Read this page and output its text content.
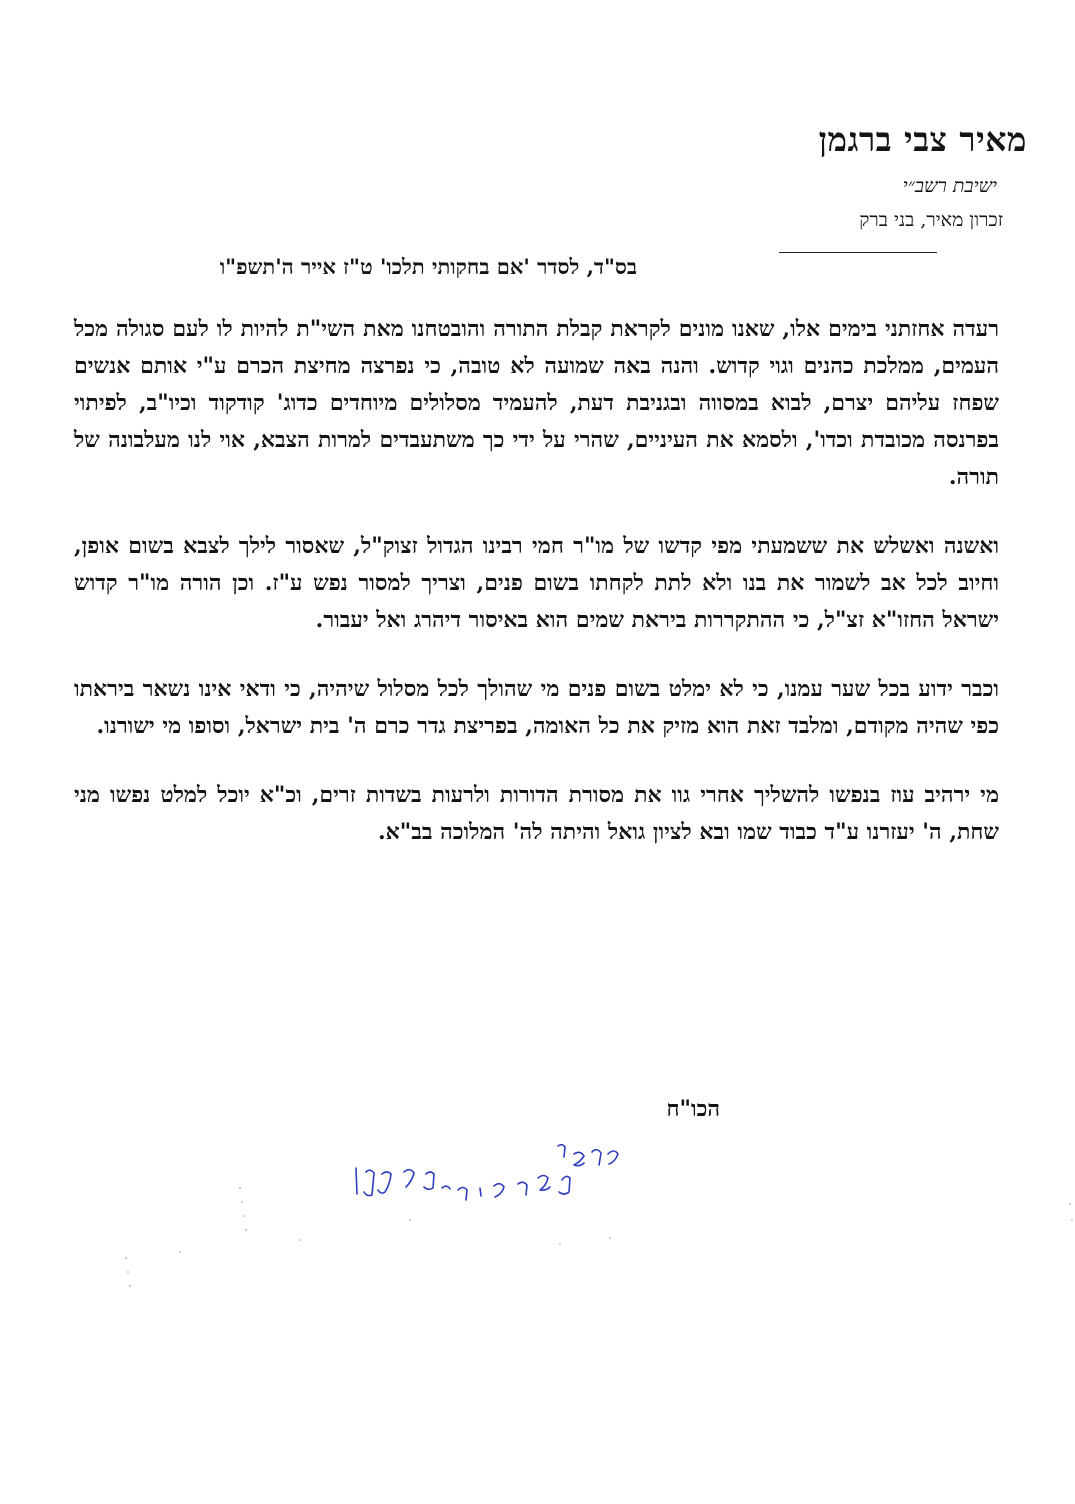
מאיר צבי ברגמן
ישיבת רשב״י
זכרון מאיר, בני ברק
בס"ד, לסדר 'אם בחקותי תלכו' ט"ז אייר ה'תשפ"ו

רעדה אחזתני בימים אלו, שאנו מונים לקראת קבלת התורה והובטחנו מאת השי"ת להיות לו לעם סגולה מכל העמים, ממלכת כהנים וגוי קדוש. והנה באה שמועה לא טובה, כי נפרצה מחיצת הכרם ע"י אותם אנשים שפחז עליהם יצרם, לבוא במסווה ובגניבת דעת, להעמיד מסלולים מיוחדים כדוג' קודקוד וכיו"ב, לפיתוי בפרנסה מכובדת וכדו', ולסמא את העיניים, שהרי על ידי כך משתעבדים למרות הצבא, אוי לנו מעלבונה של תורה.

ואשנה ואשלש את ששמעתי מפי קדשו של מו"ר חמי רבינו הגדול זצוק"ל, שאסור לילך לצבא בשום אופן, וחיוב לכל אב לשמור את בנו ולא לתת לקחתו בשום פנים, וצריך למסור נפש ע"ז. וכן הורה מו"ר קדוש ישראל החזו"א זצ"ל, כי ההתקררות ביראת שמים הוא באיסור דיהרג ואל יעבור.

וכבר ידוע בכל שער עמנו, כי לא ימלט בשום פנים מי שהולך לכל מסלול שיהיה, כי ודאי אינו נשאר ביראתו כפי שהיה מקודם, ומלבד זאת הוא מזיק את כל האומה, בפריצת גדר כרם ה' בית ישראל, וסופו מי ישורנו.

מי ירהיב עוז בנפשו להשליך אחרי גוו את מסורת הדורות ולרעות בשדות זרים, וכ"א יוכל למלט נפשו מני שחת, ה' יעזרנו ע"ד כבוד שמו ובא לציון גואל והיתה לה' המלוכה בב"א.

הכו"ח
